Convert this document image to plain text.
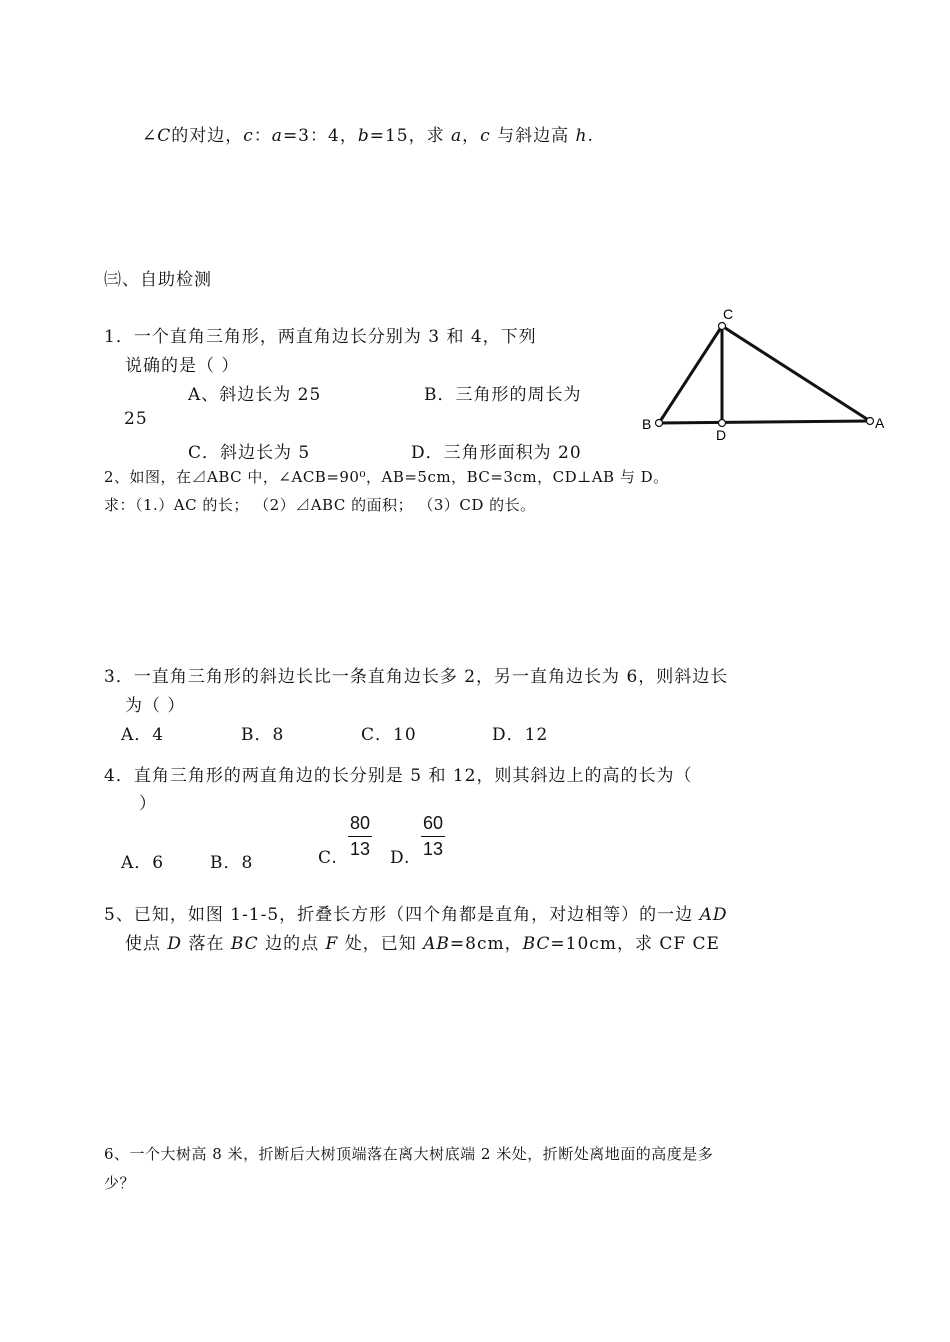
∠C的对边，c：a=3：4，b=15，求 a，c 与斜边高 h.
㈢、自助检测
1．一个直角三角形，两直角边长分别为 3 和 4，下列
说确的是（ ）
A、斜边长为 25	B．三角形的周长为
25
C．斜边长为 5	D．三角形面积为 20
C
B	A
D
2、如图，在⊿ABC 中，∠ACB=90⁰，AB=5cm，BC=3cm，CD⊥AB 与 D。
求：（1.）AC 的长； （2）⊿ABC 的面积； （3）CD 的长。
3．一直角三角形的斜边长比一条直角边长多 2，另一直角边长为 6，则斜边长
为（ ）
A．4	B．8	C．10	D．12
4．直角三角形的两直角边的长分别是 5 和 12，则其斜边上的高的长为（
）
A．6	B．8	C. $\frac{80}{13} D$. $\frac{60}{13}$
5、已知，如图 1-1-5，折叠长方形（四个角都是直角，对边相等）的一边 AD
使点 D 落在 BC 边的点 F 处，已知 AB=8cm，BC=10cm，求 CF CE
6、一个大树高 8 米，折断后大树顶端落在离大树底端 2 米处，折断处离地面的高度是多
少？
